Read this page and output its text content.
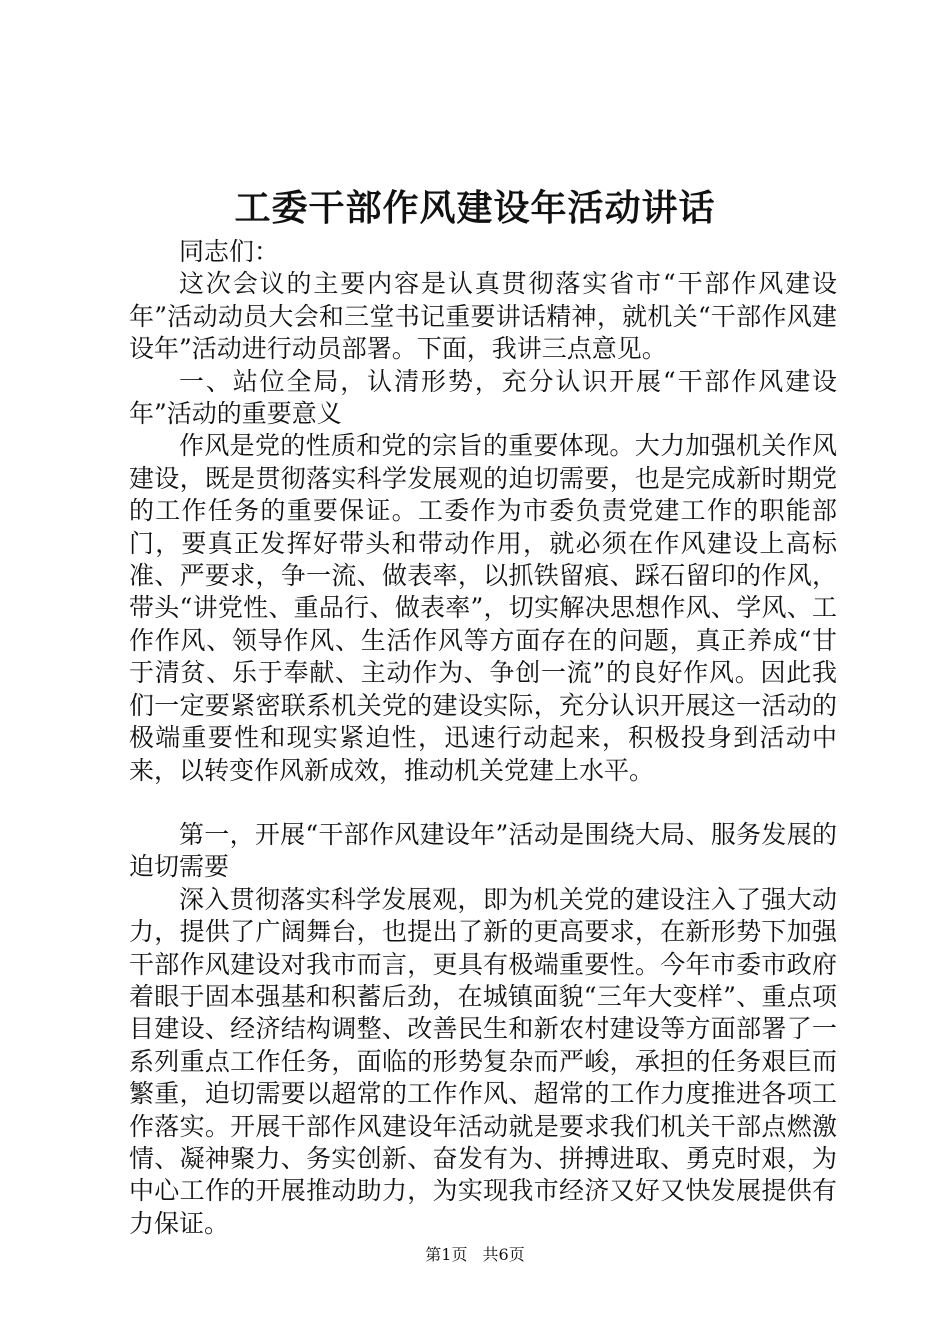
工委干部作风建设年活动讲话

同志们：

这次会议的主要内容是认真贯彻落实省市“干部作风建设年”活动动员大会和三堂书记重要讲话精神，就机关“干部作风建设年”活动进行动员部署。下面，我讲三点意见。

一、站位全局，认清形势，充分认识开展“干部作风建设年”活动的重要意义

作风是党的性质和党的宗旨的重要体现。大力加强机关作风建设，既是贯彻落实科学发展观的迫切需要，也是完成新时期党的工作任务的重要保证。工委作为市委负责党建工作的职能部门，要真正发挥好带头和带动作用，就必须在作风建设上高标准、严要求，争一流、做表率，以抓铁留痕、踩石留印的作风，带头“讲党性、重品行、做表率”，切实解决思想作风、学风、工作作风、领导作风、生活作风等方面存在的问题，真正养成“甘于清贫、乐于奉献、主动作为、争创一流”的良好作风。因此我们一定要紧密联系机关党的建设实际，充分认识开展这一活动的极端重要性和现实紧迫性，迅速行动起来，积极投身到活动中来，以转变作风新成效，推动机关党建上水平。

第一，开展“干部作风建设年”活动是围绕大局、服务发展的迫切需要

深入贯彻落实科学发展观，即为机关党的建设注入了强大动力，提供了广阔舞台，也提出了新的更高要求，在新形势下加强干部作风建设对我市而言，更具有极端重要性。今年市委市政府着眼于固本强基和积蓄后劲，在城镇面貌“三年大变样”、重点项目建设、经济结构调整、改善民生和新农村建设等方面部署了一系列重点工作任务，面临的形势复杂而严峻，承担的任务艰巨而繁重，迫切需要以超常的工作作风、超常的工作力度推进各项工作落实。开展干部作风建设年活动就是要求我们机关干部点燃激情、凝神聚力、务实创新、奋发有为、拼搏进取、勇克时艰，为中心工作的开展推动助力，为实现我市经济又好又快发展提供有力保证。

第1页 共6页
